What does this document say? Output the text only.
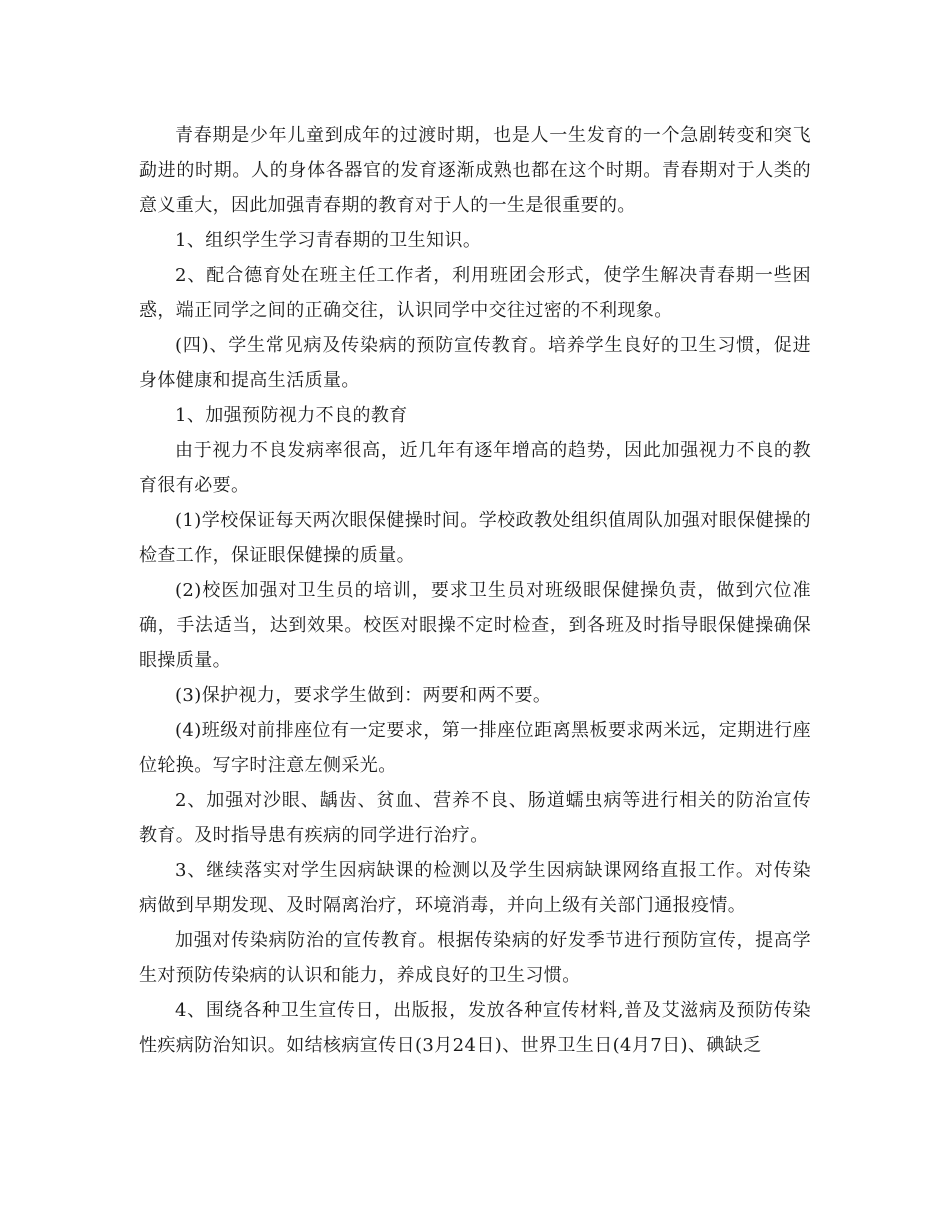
青春期是少年儿童到成年的过渡时期，也是人一生发育的一个急剧转变和突飞勐进的时期。人的身体各器官的发育逐渐成熟也都在这个时期。青春期对于人类的意义重大，因此加强青春期的教育对于人的一生是很重要的。

1、组织学生学习青春期的卫生知识。

2、配合德育处在班主任工作者，利用班团会形式，使学生解决青春期一些困惑，端正同学之间的正确交往，认识同学中交往过密的不利现象。

(四)、学生常见病及传染病的预防宣传教育。培养学生良好的卫生习惯，促进身体健康和提高生活质量。

1、加强预防视力不良的教育

由于视力不良发病率很高，近几年有逐年增高的趋势，因此加强视力不良的教育很有必要。

(1)学校保证每天两次眼保健操时间。学校政教处组织值周队加强对眼保健操的检查工作，保证眼保健操的质量。

(2)校医加强对卫生员的培训，要求卫生员对班级眼保健操负责，做到穴位准确，手法适当，达到效果。校医对眼操不定时检查，到各班及时指导眼保健操确保眼操质量。

(3)保护视力，要求学生做到：两要和两不要。

(4)班级对前排座位有一定要求，第一排座位距离黑板要求两米远，定期进行座位轮换。写字时注意左侧采光。

2、加强对沙眼、龋齿、贫血、营养不良、肠道蠕虫病等进行相关的防治宣传教育。及时指导患有疾病的同学进行治疗。

3、继续落实对学生因病缺课的检测以及学生因病缺课网络直报工作。对传染病做到早期发现、及时隔离治疗，环境消毒，并向上级有关部门通报疫情。

加强对传染病防治的宣传教育。根据传染病的好发季节进行预防宣传，提高学生对预防传染病的认识和能力，养成良好的卫生习惯。

4、围绕各种卫生宣传日，出版报，发放各种宣传材料,普及艾滋病及预防传染性疾病防治知识。如结核病宣传日(3月24日)、世界卫生日(4月7日)、碘缺乏
